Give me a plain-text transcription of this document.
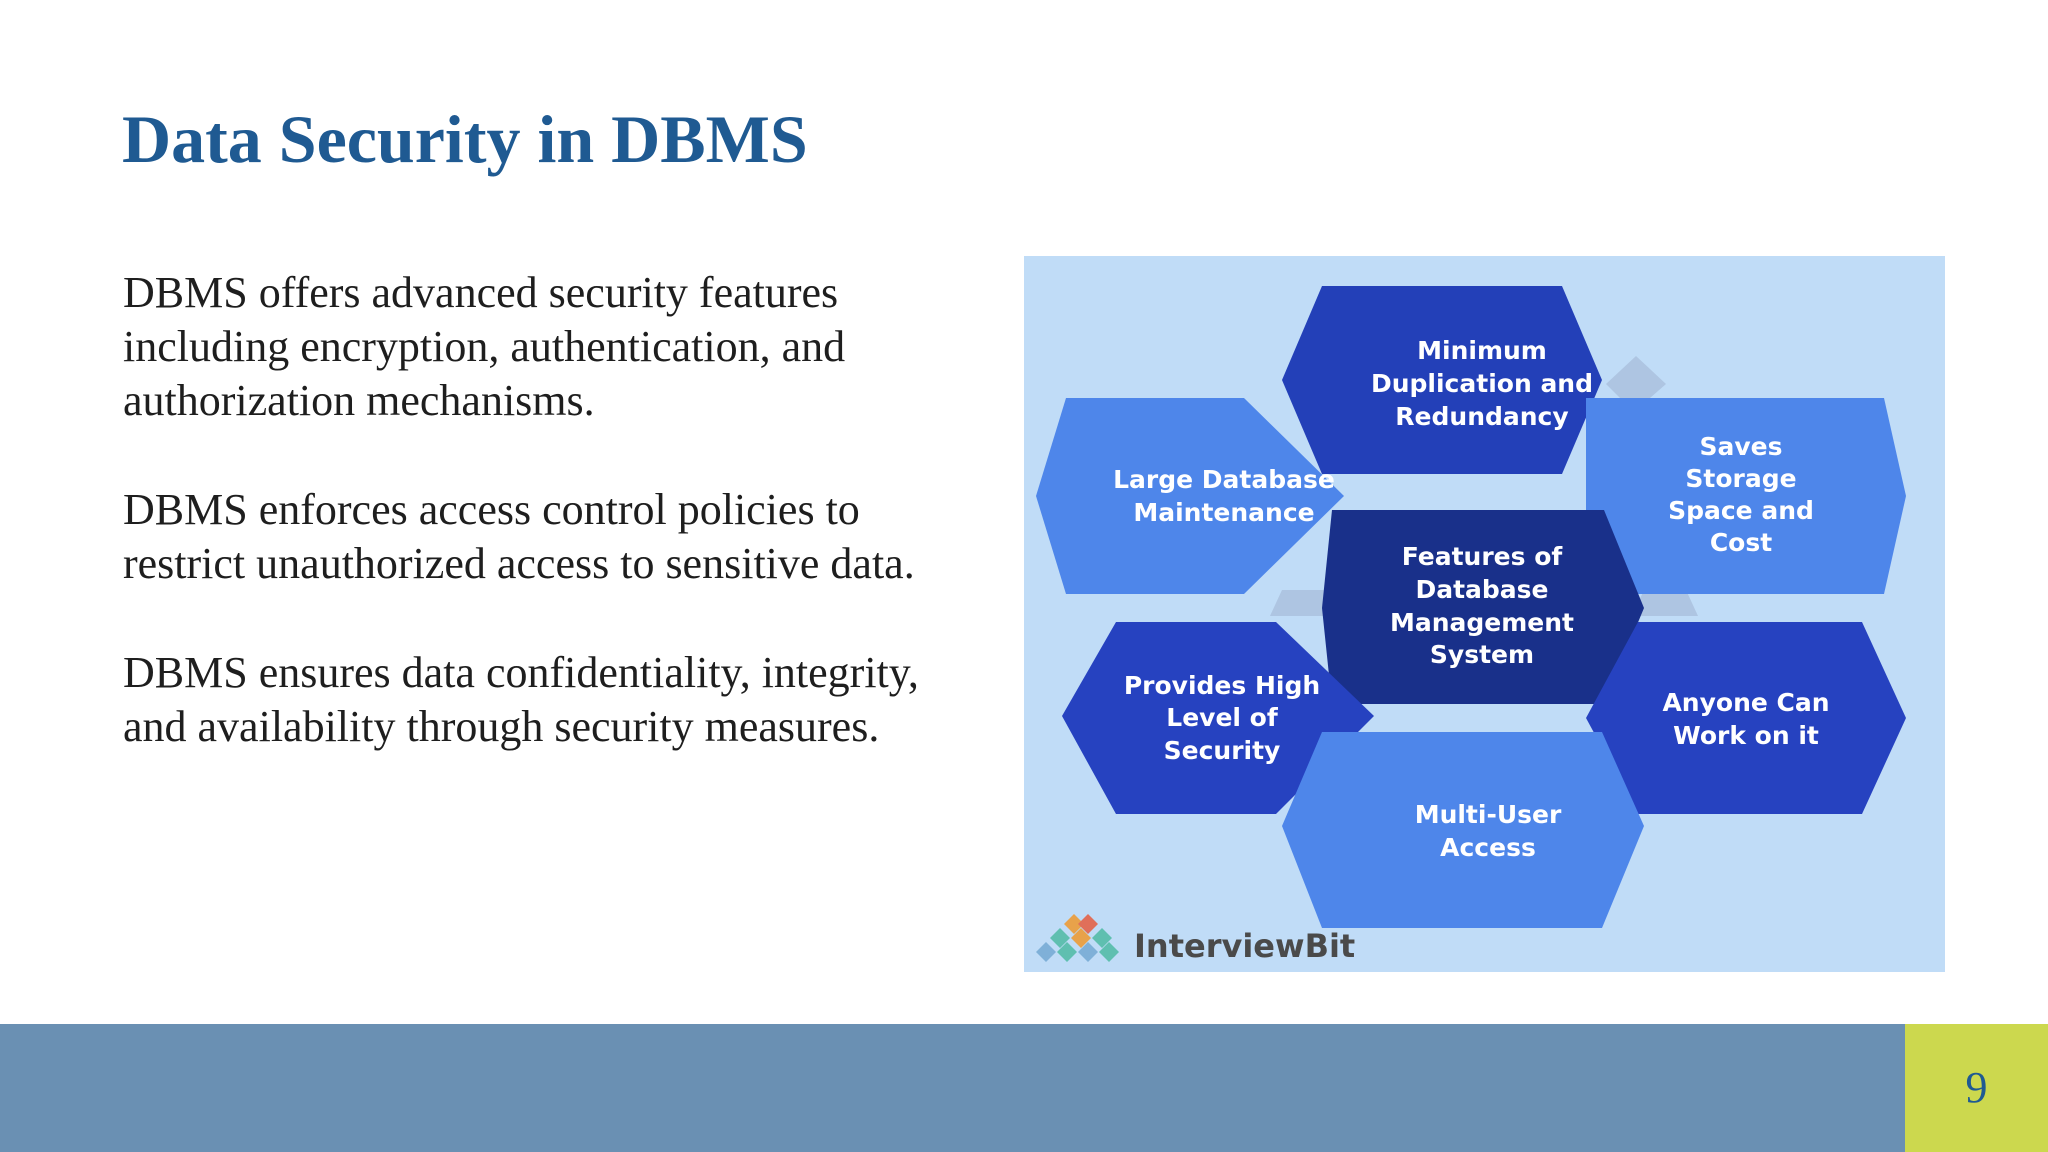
Data Security in DBMS

DBMS offers advanced security features
including encryption, authentication, and
authorization mechanisms.

DBMS enforces access control policies to
restrict unauthorized access to sensitive data.

DBMS ensures data confidentiality, integrity,
and availability through security measures.

Minimum
Duplication and
Redundancy
Large Database
Maintenance
Saves
Storage
Space and
Cost
Features of
Database
Management
System
Provides High
Level of
Security
Anyone Can
Work on it
Multi-User
Access
InterviewBit
9
